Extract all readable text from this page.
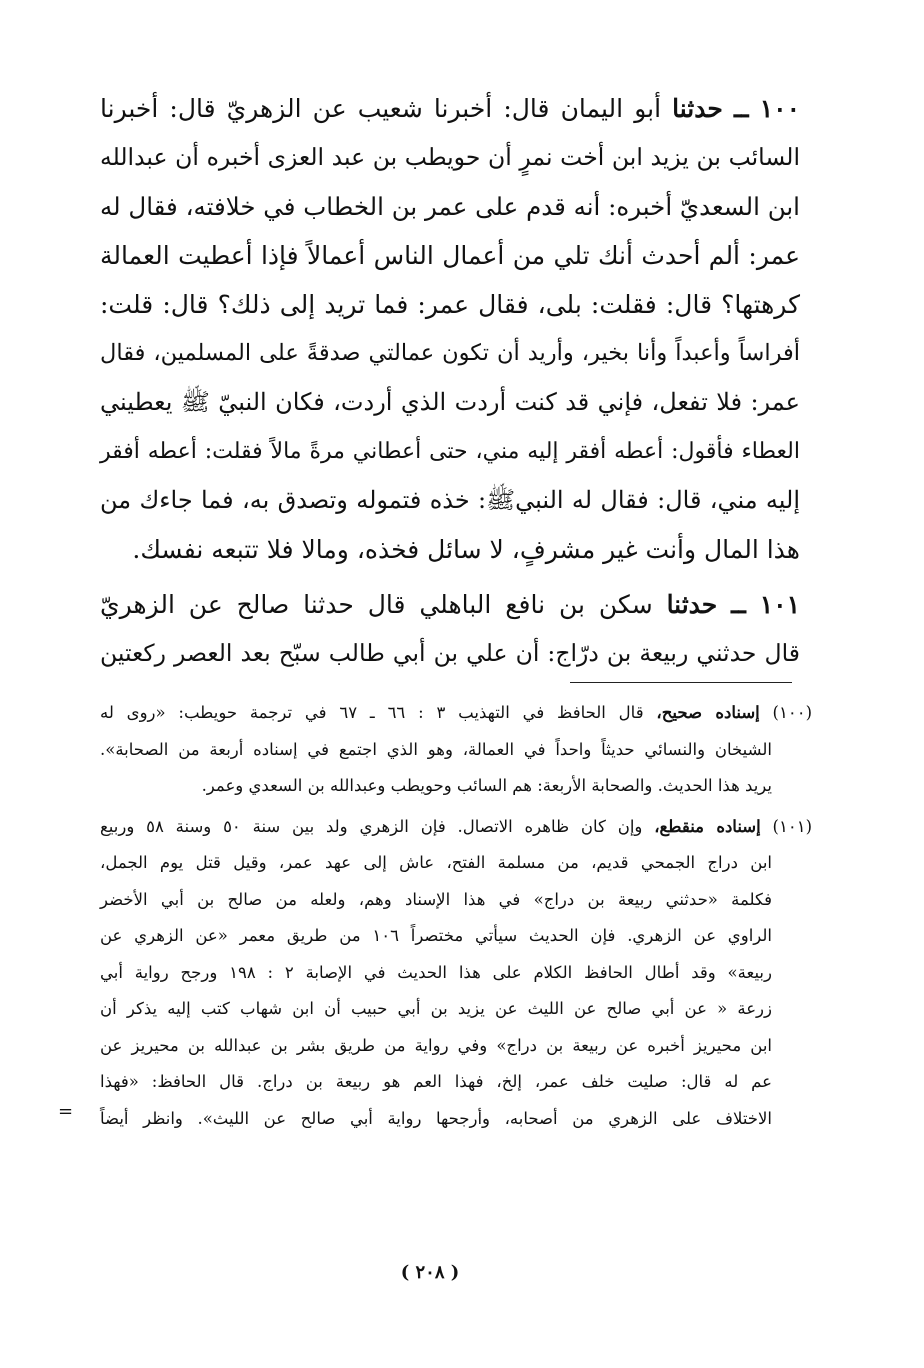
١٠٠ ــ حدثنا أبو اليمان قال: أخبرنا شعيب عن الزهريّ قال: أخبرنا
السائب بن يزيد ابن أخت نمرٍ أن حويطب بن عبد العزى أخبره أن عبدالله
ابن السعديّ أخبره: أنه قدم على عمر بن الخطاب في خلافته، فقال له
عمر: ألم أحدث أنك تلي من أعمال الناس أعمالاً فإذا أعطيت العمالة
كرهتها؟ قال: فقلت: بلى، فقال عمر: فما تريد إلى ذلك؟ قال: قلت:
أفراساً وأعبداً وأنا بخير، وأريد أن تكون عمالتي صدقةً على المسلمين، فقال
عمر: فلا تفعل، فإني قد كنت أردت الذي أردت، فكان النبيّ ﷺ يعطيني
العطاء فأقول: أعطه أفقر إليه مني، حتى أعطاني مرةً مالاً فقلت: أعطه أفقر
إليه مني، قال: فقال له النبيﷺ: خذه فتموله وتصدق به، فما جاءك من
هذا المال وأنت غير مشرفٍ، لا سائل فخذه، ومالا فلا تتبعه نفسك.
١٠١ ــ حدثنا سكن بن نافع الباهلي قال حدثنا صالح عن الزهريّ
قال حدثني ربيعة بن درّاج: أن علي بن أبي طالب سبّح بعد العصر ركعتين
(١٠٠) إسناده صحيح، قال الحافظ في التهذيب ٣ : ٦٦ ـ ٦٧ في ترجمة حويطب: «روى له
الشيخان والنسائي حديثاً واحداً في العمالة، وهو الذي اجتمع في إسناده أربعة من الصحابة».
يريد هذا الحديث. والصحابة الأربعة: هم السائب وحويطب وعبدالله بن السعدي وعمر.
(١٠١) إسناده منقطع، وإن كان ظاهره الاتصال. فإن الزهري ولد بين سنة ٥٠ وسنة ٥٨ وربيع
ابن دراج الجمحي قديم، من مسلمة الفتح، عاش إلى عهد عمر، وقيل قتل يوم الجمل،
فكلمة «حدثني ربيعة بن دراج» في هذا الإسناد وهم، ولعله من صالح بن أبي الأخضر
الراوي عن الزهري. فإن الحديث سيأتي مختصراً ١٠٦ من طريق معمر «عن الزهري عن
ربيعة» وقد أطال الحافظ الكلام على هذا الحديث في الإصابة ٢ : ١٩٨ ورجح رواية أبي
زرعة « عن أبي صالح عن الليث عن يزيد بن أبي حبيب أن ابن شهاب كتب إليه يذكر أن
ابن محيريز أخبره عن ربيعة بن دراج» وفي رواية من طريق بشر بن عبدالله بن محيريز عن
عم له قال: صليت خلف عمر، إلخ، فهذا العم هو ربيعة بن دراج. قال الحافظ: «فهذا
الاختلاف على الزهري من أصحابه، وأرجحها رواية أبي صالح عن الليث». وانظر أيضاً
=
( ٢٠٨ )
